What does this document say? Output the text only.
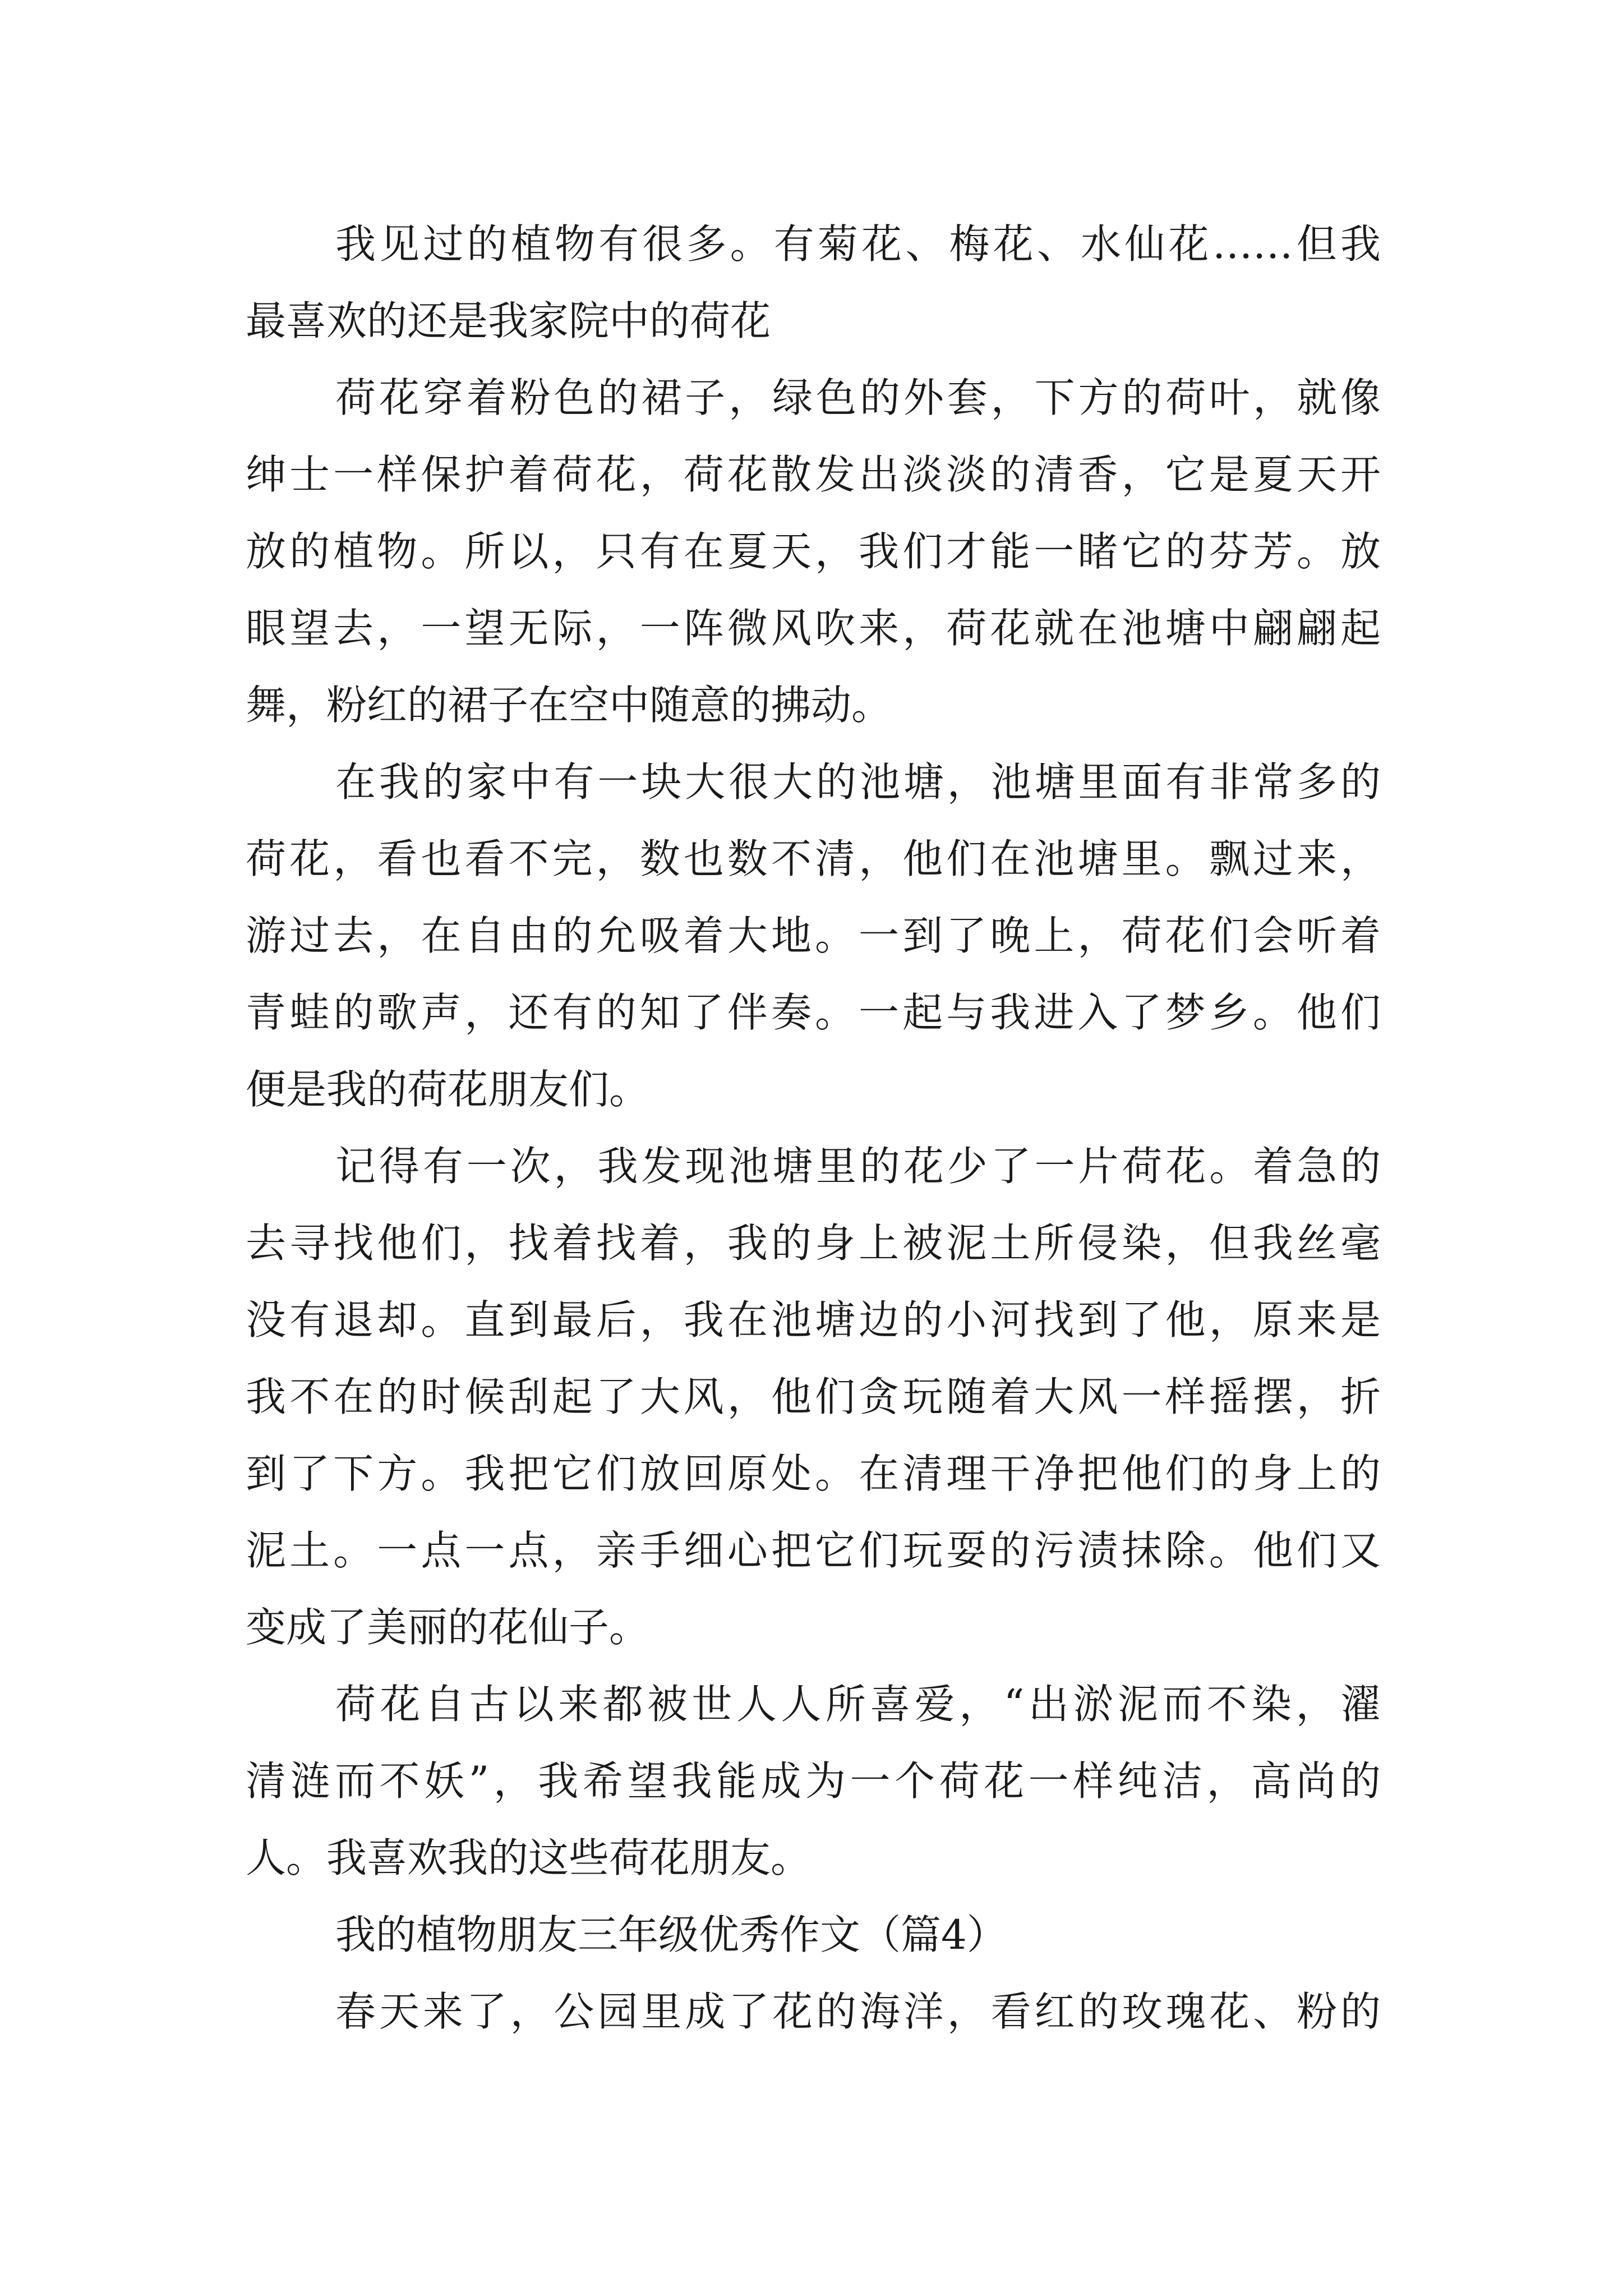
我见过的植物有很多。有菊花、梅花、水仙花……但我
最喜欢的还是我家院中的荷花
荷花穿着粉色的裙子，绿色的外套，下方的荷叶，就像
绅士一样保护着荷花，荷花散发出淡淡的清香，它是夏天开
放的植物。所以，只有在夏天，我们才能一睹它的芬芳。放
眼望去，一望无际，一阵微风吹来，荷花就在池塘中翩翩起
舞，粉红的裙子在空中随意的拂动。
在我的家中有一块大很大的池塘，池塘里面有非常多的
荷花，看也看不完，数也数不清，他们在池塘里。飘过来，
游过去，在自由的允吸着大地。一到了晚上，荷花们会听着
青蛙的歌声，还有的知了伴奏。一起与我进入了梦乡。他们
便是我的荷花朋友们。
记得有一次，我发现池塘里的花少了一片荷花。着急的
去寻找他们，找着找着，我的身上被泥土所侵染，但我丝毫
没有退却。直到最后，我在池塘边的小河找到了他，原来是
我不在的时候刮起了大风，他们贪玩随着大风一样摇摆，折
到了下方。我把它们放回原处。在清理干净把他们的身上的
泥土。一点一点，亲手细心把它们玩耍的污渍抹除。他们又
变成了美丽的花仙子。
荷花自古以来都被世人人所喜爱，“出淤泥而不染，濯
清涟而不妖”，我希望我能成为一个荷花一样纯洁，高尚的
人。我喜欢我的这些荷花朋友。
我的植物朋友三年级优秀作文（篇4）
春天来了，公园里成了花的海洋，看红的玫瑰花、粉的
